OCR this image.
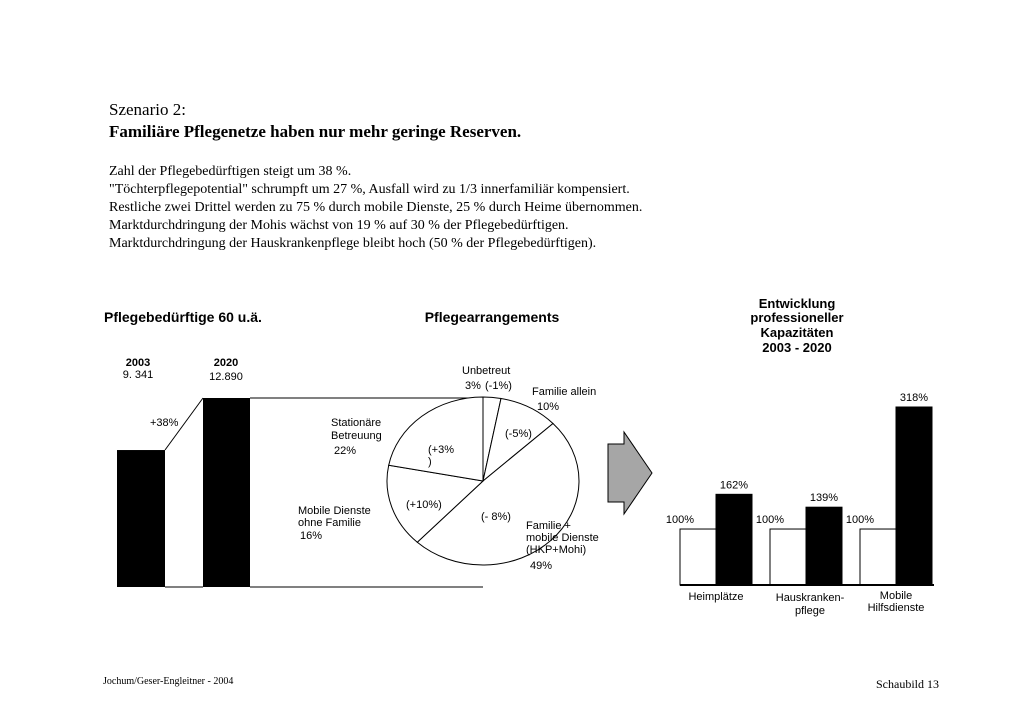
Szenario 2:
Familiäre Pflegenetze haben nur mehr geringe Reserven.
Zahl der Pflegebedürftigen steigt um 38 %.
"Töchterpflegepotential" schrumpft um 27 %, Ausfall wird zu 1/3 innerfamiliär kompensiert.
Restliche zwei Drittel werden zu 75 % durch mobile Dienste, 25 % durch Heime übernommen.
Marktdurchdringung der Mohis wächst von 19 % auf 30 % der Pflegebedürftigen.
Marktdurchdringung der Hauskrankenpflege bleibt hoch (50 % der Pflegebedürftigen).
Pflegebedürftige 60 u.ä.
2003
9. 341
2020
12.890
+38%
Pflegearrangements
Unbetreut
3% (-1%) Familie allein
10%
(-5%)
Familie +
mobile Dienste
(HKP+Mohi)
49%
(- 8%)
Mobile Dienste
ohne Familie
16%
(+10%)
Stationäre
Betreuung
22%	(+3%
)
Entwicklung
professioneller
Kapazitäten
2003 - 2020
100%	100%	100%
162%
139%
318%
Heimplätze	Hauskranken-
pflege
Mobile
Hilfsdienste
Jochum/Geser-Engleitner - 2004	Schaubild 13
